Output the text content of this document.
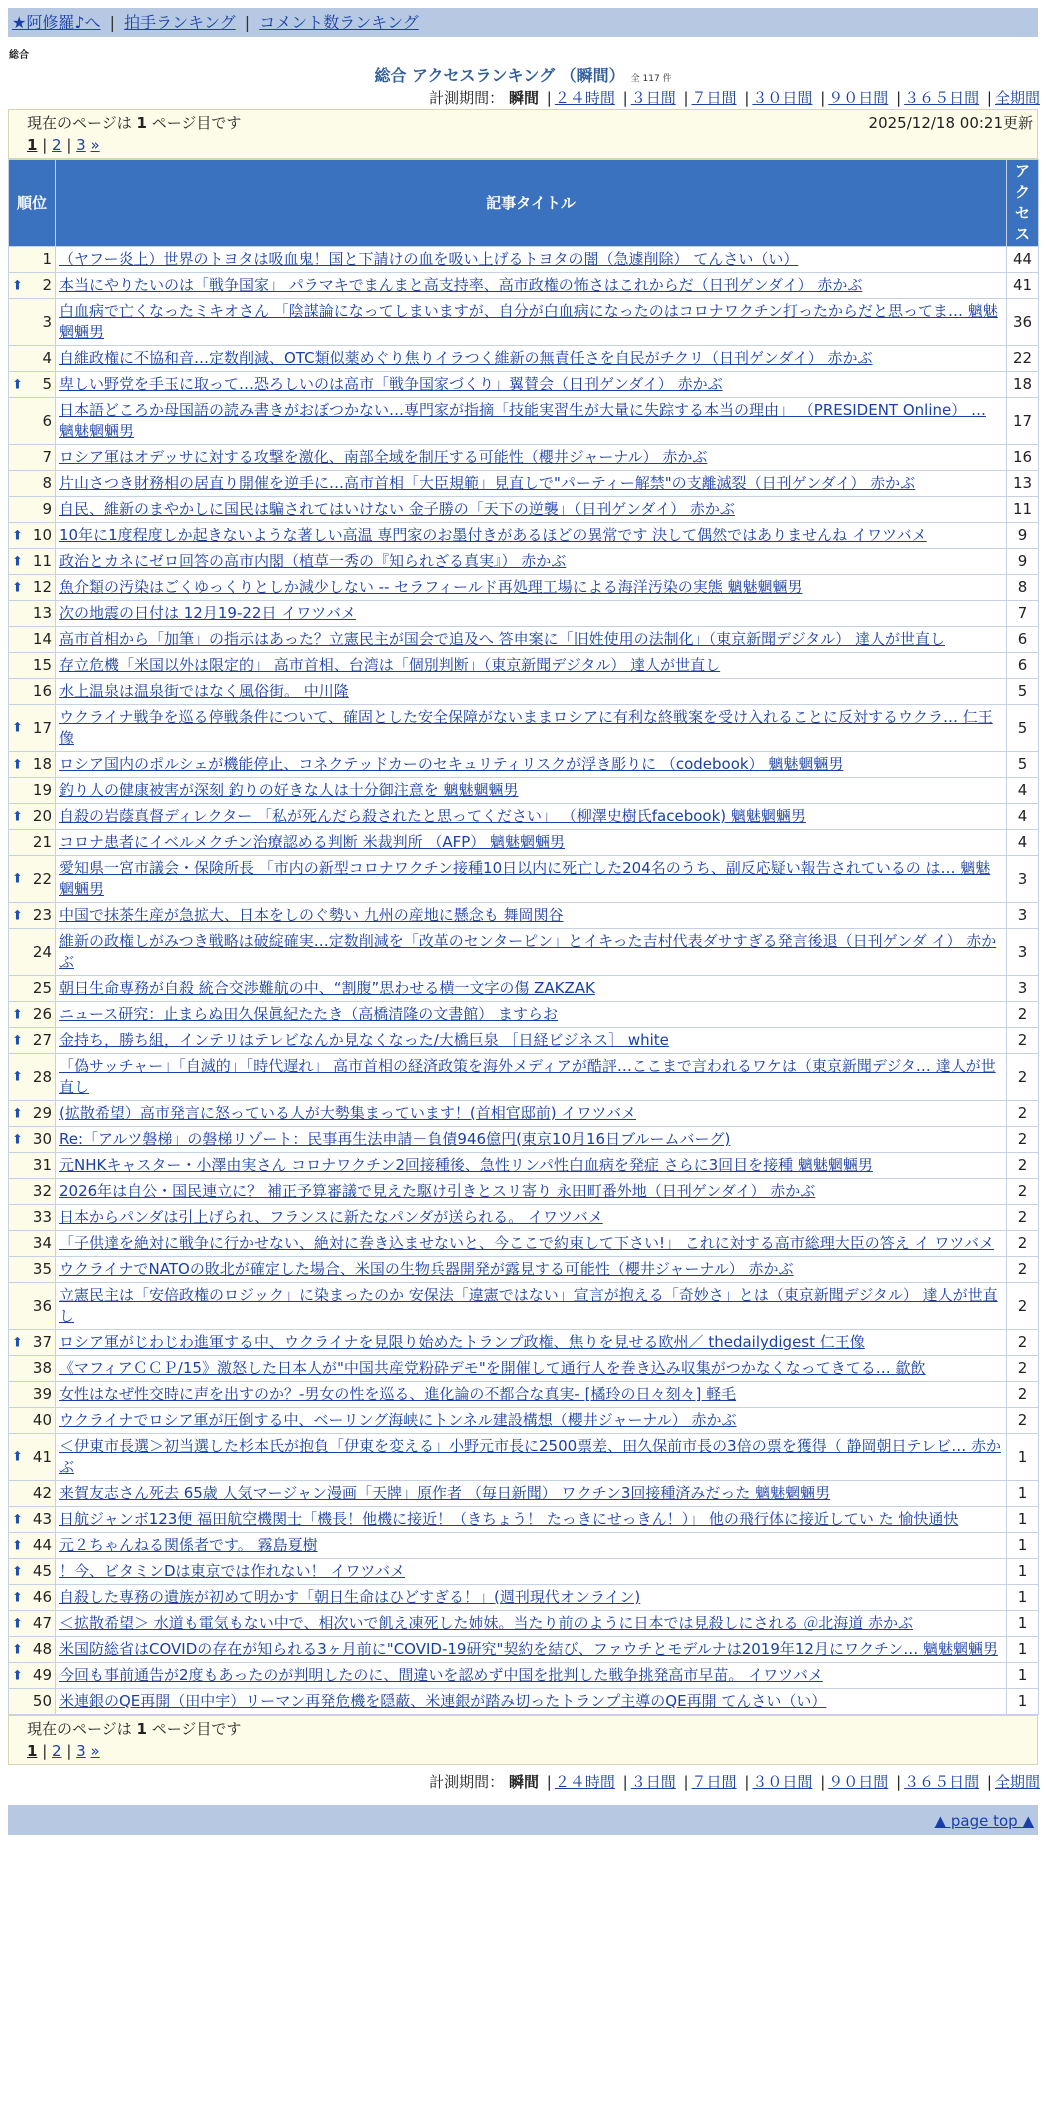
★阿修羅♪へ | 拍手ランキング | コメント数ランキング
総合
総合 アクセスランキング （瞬間） 全 117 件
計測期間： 瞬間 | ２４時間 | ３日間 | ７日間 | ３０日間 | ９０日間 | ３６５日間 | 全期間
現在のページは 1 ページ目です	2025/12/18 00:21更新
1 | 2 | 3 »
順位	記事タイトル	アクセス
1	（ヤフー炎上）世界のトヨタは吸血鬼！国と下請けの血を吸い上げるトヨタの闇（急遽削除） てんさい（い）	44

⬆ 2	本当にやりたいのは「戦争国家」 パラマキでまんまと高支持率、高市政権の怖さはこれからだ（日刊ゲンダイ） 赤かぶ	41
3	白血病で亡くなったミキオさん 「陰謀論になってしまいますが、自分が白血病になったのはコロナワクチン打ったからだと思ってま… 魑魅魍魎男	36
4	自維政権に不協和音…定数削減、OTC類似薬めぐり焦りイラつく維新の無責任さを自民がチクリ（日刊ゲンダイ） 赤かぶ	22

⬆ 5	卑しい野党を手玉に取って…恐ろしいのは高市「戦争国家づくり」翼賛会（日刊ゲンダイ） 赤かぶ	18
6	日本語どころか母国語の読み書きがおぼつかない…専門家が指摘「技能実習生が大量に失踪する本当の理由」 （PRESIDENT Online） … 魑魅魍魎男	17
7	ロシア軍はオデッサに対する攻撃を激化、南部全域を制圧する可能性（櫻井ジャーナル） 赤かぶ	16
8	片山さつき財務相の居直り開催を逆手に…高市首相「大臣規範」見直しで"パーティー解禁"の支離滅裂（日刊ゲンダイ） 赤かぶ	13
9	自民、維新のまやかしに国民は騙されてはいけない 金子勝の「天下の逆襲」（日刊ゲンダイ） 赤かぶ	11

⬆ 10	10年に1度程度しか起きないような著しい高温 専門家のお墨付きがあるほどの異常です 決して偶然ではありませんね イワツバメ	9

⬆ 11	政治とカネにゼロ回答の高市内閣（植草一秀の『知られざる真実』） 赤かぶ	9

⬆ 12	魚介類の汚染はごくゆっくりとしか減少しない -- セラフィールド再処理工場による海洋汚染の実態 魑魅魍魎男	8
13	次の地震の日付は 12月19-22日 イワツバメ	7
14	高市首相から「加筆」の指示はあった？立憲民主が国会で追及へ 答申案に「旧姓使用の法制化」（東京新聞デジタル） 達人が世直し	6
15	存立危機「米国以外は限定的」 高市首相、台湾は「個別判断」（東京新聞デジタル） 達人が世直し	6
16	水上温泉は温泉街ではなく風俗街。 中川隆	5

⬆ 17	ウクライナ戦争を巡る停戦条件について、確固とした安全保障がないままロシアに有利な終戦案を受け入れることに反対するウクラ… 仁王像	5

⬆ 18	ロシア国内のポルシェが機能停止、コネクテッドカーのセキュリティリスクが浮き彫りに （codebook） 魑魅魍魎男	5
19	釣り人の健康被害が深刻 釣りの好きな人は十分御注意を 魑魅魍魎男	4

⬆ 20	自殺の岩蔭真督ディレクター 「私が死んだら殺されたと思ってください」 （柳澤史樹氏facebook) 魑魅魍魎男	4
21	コロナ患者にイベルメクチン治療認める判断 米裁判所 （AFP） 魑魅魍魎男	4

⬆ 22	愛知県一宮市議会・保険所長 「市内の新型コロナワクチン接種10日以内に死亡した204名のうち、副反応疑い報告されているの は… 魑魅魍魎男	3

⬆ 23	中国で抹茶生産が急拡大、日本をしのぐ勢い 九州の産地に懸念も 舞岡関谷	3
24	維新の政権しがみつき戦略は破綻確実…定数削減を「改革のセンターピン」とイキった吉村代表ダサすぎる発言後退（日刊ゲンダ イ） 赤かぶ	3
25	朝日生命専務が自殺 統合交渉難航の中、“割腹”思わせる横一文字の傷 ZAKZAK	3

⬆ 26	ニュース研究：止まらぬ田久保眞紀たたき（高橋清隆の文書館） ますらお	2

⬆ 27	金持ち，勝ち組，インテリはテレビなんか見なくなった/大橋巨泉 ［日経ビジネス］ white	2

⬆ 28	「偽サッチャー」「自滅的」「時代遅れ」 高市首相の経済政策を海外メディアが酷評…ここまで言われるワケは（東京新聞デジタ… 達人が世直し	2

⬆ 29	(拡散希望）高市発言に怒っている人が大勢集まっています！(首相官邸前) イワツバメ	2

⬆ 30	Re:「アルツ磐梯」の磐梯リゾート：民事再生法申請－負債946億円(東京10月16日ブルームバーグ)	2
31	元NHKキャスター・小澤由実さん コロナワクチン2回接種後、急性リンパ性白血病を発症 さらに3回目を接種 魑魅魍魎男	2
32	2026年は自公・国民連立に？ 補正予算審議で見えた駆け引きとスリ寄り 永田町番外地（日刊ゲンダイ） 赤かぶ	2
33	日本からパンダは引上げられ、フランスに新たなパンダが送られる。 イワツバメ	2
34	「子供達を絶対に戦争に行かせない、絶対に巻き込ませないと、今ここで約束して下さい!」 これに対する高市総理大臣の答え イ ワツバメ	2
35	ウクライナでNATOの敗北が確定した場合、米国の生物兵器開発が露見する可能性（櫻井ジャーナル） 赤かぶ	2
36	立憲民主は「安倍政権のロジック」に染まったのか 安保法「違憲ではない」宣言が抱える「奇妙さ」とは（東京新聞デジタル） 達人が世直し	2

⬆ 37	ロシア軍がじわじわ進軍する中、ウクライナを見限り始めたトランプ政権、焦りを見せる欧州／ thedailydigest 仁王像	2
38	《マフィアＣＣＰ/15》激怒した日本人が"中国共産党粉砕デモ"を開催して通行人を巻き込み収集がつかなくなってきてる… 歙飲	2
39	女性はなぜ性交時に声を出すのか？-男女の性を巡る、進化論の不都合な真実- [橘玲の日々刻々] 軽毛	2
40	ウクライナでロシア軍が圧倒する中、ベーリング海峡にトンネル建設構想（櫻井ジャーナル） 赤かぶ	2

⬆ 41	＜伊東市長選＞初当選した杉本氏が抱負「伊東を変える」小野元市長に2500票差、田久保前市長の3倍の票を獲得（ 静岡朝日テレビ… 赤かぶ	1
42	来賀友志さん死去 65歳 人気マージャン漫画「天牌」原作者 （毎日新聞） ワクチン3回接種済みだった 魑魅魍魎男	1

⬆ 43	日航ジャンボ123便 福田航空機関士「機長！他機に接近！（きちょう！ たっきにせっきん！）」 他の飛行体に接近してい た 愉快通快	1

⬆ 44	元２ちゃんねる関係者です。 霧島夏樹	1

⬆ 45	！今、ビタミンDは東京では作れない！ イワツバメ	1

⬆ 46	自殺した専務の遺族が初めて明かす「朝日生命はひどすぎる！」(週刊現代オンライン)	1

⬆ 47	＜拡散希望＞ 水道も電気もない中で、相次いで飢え凍死した姉妹。当たり前のように日本では見殺しにされる ＠北海道 赤かぶ	1

⬆ 48	米国防総省はCOVIDの存在が知られる3ヶ月前に"COVID-19研究"契約を結び、ファウチとモデルナは2019年12月にワクチン… 魑魅魍魎男	1

⬆ 49	今回も事前通告が2度もあったのが判明したのに、間違いを認めず中国を批判した戦争挑発高市早苗。 イワツバメ	1
50	米連銀のQE再開（田中宇）リーマン再発危機を隠蔽、米連銀が踏み切ったトランプ主導のQE再開 てんさい（い）	1
現在のページは 1 ページ目です
1 | 2 | 3 »
計測期間： 瞬間 | ２４時間 | ３日間 | ７日間 | ３０日間 | ９０日間 | ３６５日間 | 全期間
▲ page top ▲
